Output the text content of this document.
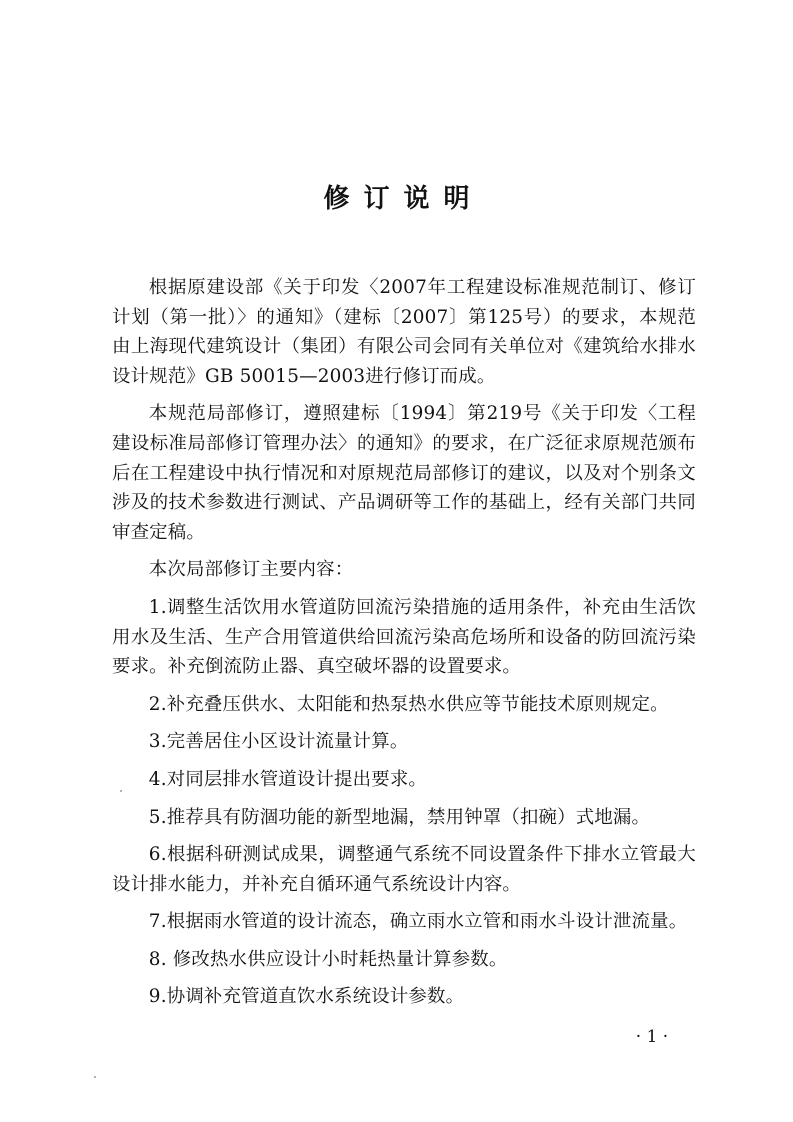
修订说明

根据原建设部《关于印发〈2007年工程建设标准规范制订、修订计划（第一批）〉的通知》（建标〔2007〕第125号）的要求，本规范由上海现代建筑设计（集团）有限公司会同有关单位对《建筑给水排水设计规范》GB 50015—2003进行修订而成。

本规范局部修订，遵照建标〔1994〕第219号《关于印发〈工程建设标准局部修订管理办法〉的通知》的要求，在广泛征求原规范颁布后在工程建设中执行情况和对原规范局部修订的建议，以及对个别条文涉及的技术参数进行测试、产品调研等工作的基础上，经有关部门共同审查定稿。

本次局部修订主要内容：

1.调整生活饮用水管道防回流污染措施的适用条件，补充由生活饮用水及生活、生产合用管道供给回流污染高危场所和设备的防回流污染要求。补充倒流防止器、真空破坏器的设置要求。

2.补充叠压供水、太阳能和热泵热水供应等节能技术原则规定。

3.完善居住小区设计流量计算。

4.对同层排水管道设计提出要求。

5.推荐具有防涸功能的新型地漏，禁用钟罩（扣碗）式地漏。

6.根据科研测试成果，调整通气系统不同设置条件下排水立管最大设计排水能力，并补充自循环通气系统设计内容。

7.根据雨水管道的设计流态，确立雨水立管和雨水斗设计泄流量。

8. 修改热水供应设计小时耗热量计算参数。

9.协调补充管道直饮水系统设计参数。

· 1 ·
